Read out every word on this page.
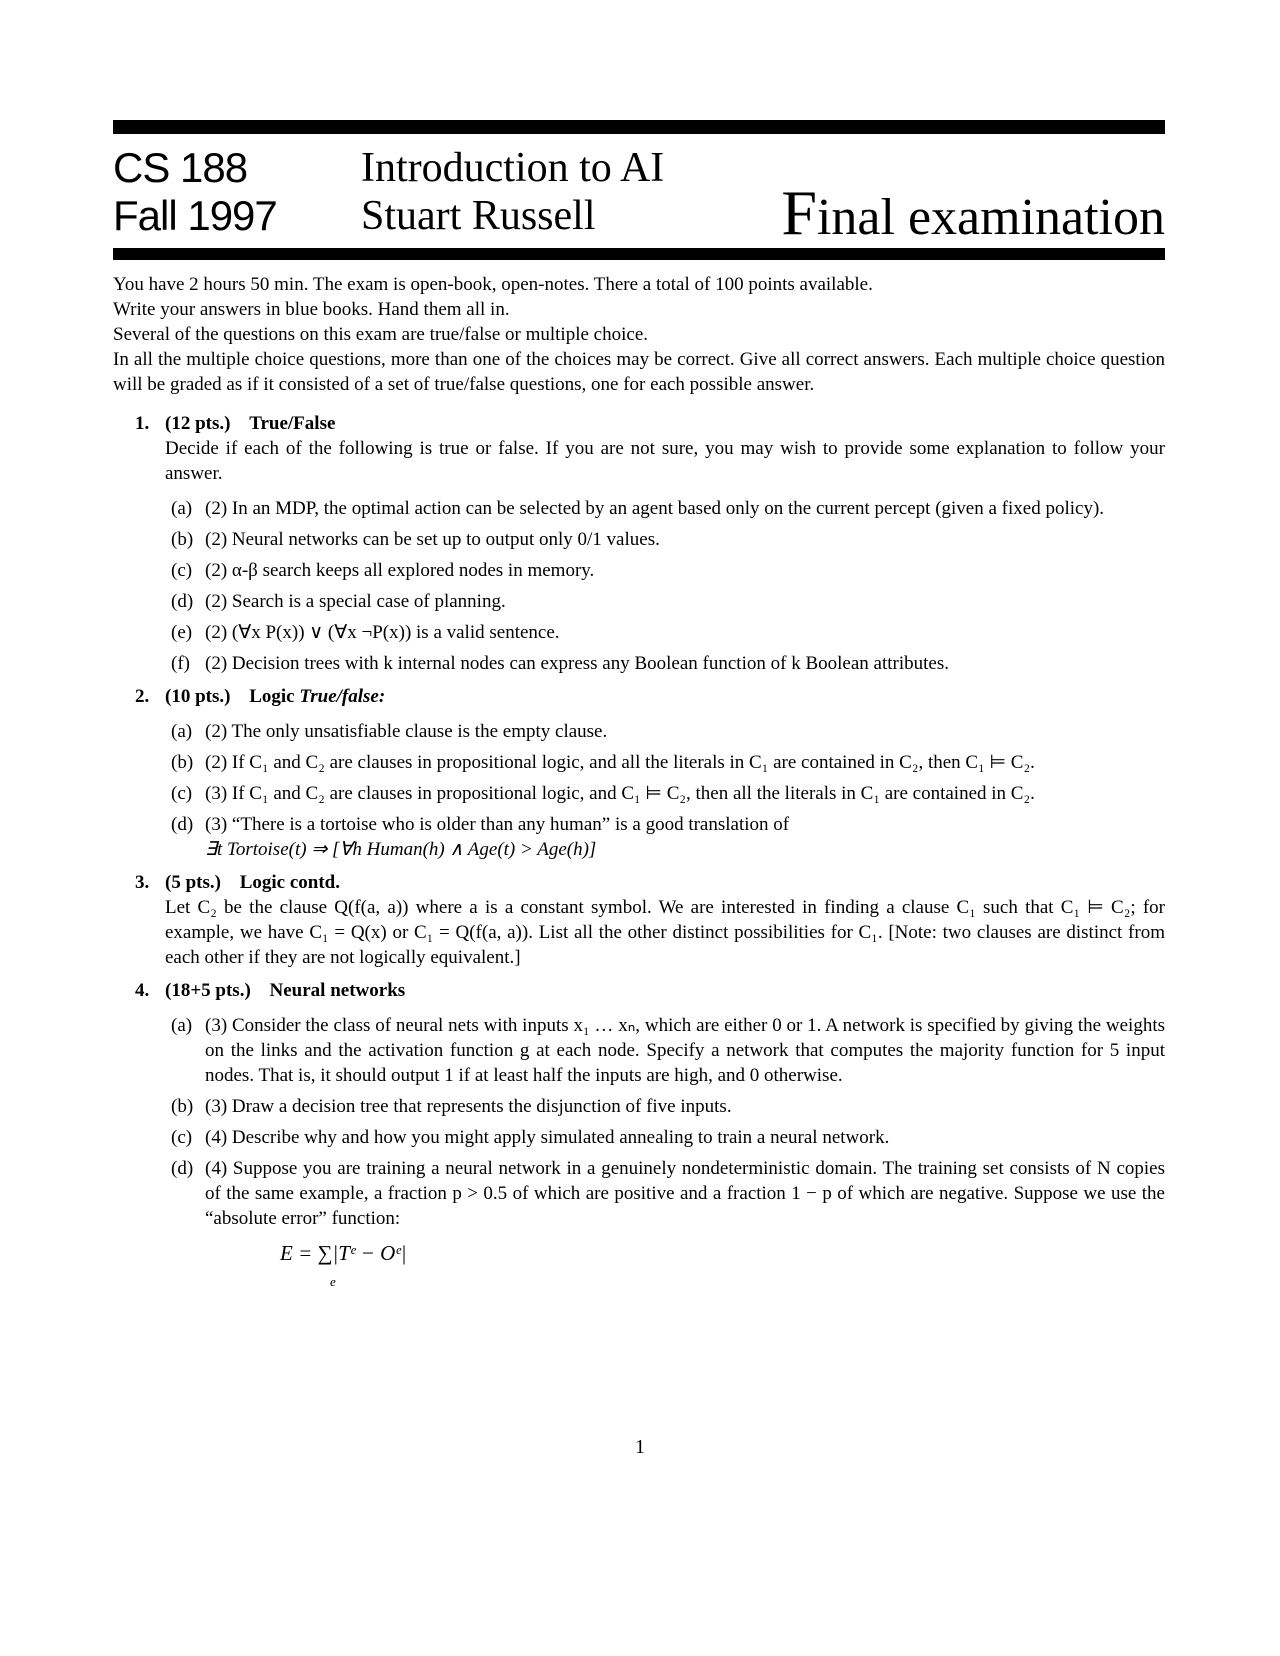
CS 188
Fall 1997
Introduction to AI
Stuart Russell	Final examination

You have 2 hours 50 min. The exam is open-book, open-notes. There a total of 100 points available.

Write your answers in blue books. Hand them all in.

Several of the questions on this exam are true/false or multiple choice.

In all the multiple choice questions, more than one of the choices may be correct. Give all correct answers. Each multiple choice question will be graded as if it consisted of a set of true/false questions, one for each possible answer.

1. (12 pts.) True/False
Decide if each of the following is true or false. If you are not sure, you may wish to provide some explanation to follow your answer.
(a) (2) In an MDP, the optimal action can be selected by an agent based only on the current percept (given a fixed policy).
(b) (2) Neural networks can be set up to output only 0/1 values.
(c) (2) α-β search keeps all explored nodes in memory.
(d) (2) Search is a special case of planning.
(e) (2) (∀x P(x)) ∨ (∀x ¬P(x)) is a valid sentence.
(f) (2) Decision trees with k internal nodes can express any Boolean function of k Boolean attributes.
2. (10 pts.) Logic True/false:
(a) (2) The only unsatisfiable clause is the empty clause.
(b) (2) If C₁ and C₂ are clauses in propositional logic, and all the literals in C₁ are contained in C₂, then C₁ ⊨ C₂.
(c) (3) If C₁ and C₂ are clauses in propositional logic, and C₁ ⊨ C₂, then all the literals in C₁ are contained in C₂.
(d) (3) “There is a tortoise who is older than any human” is a good translation of
∃t Tortoise(t) ⇒ [∀h Human(h) ∧ Age(t) > Age(h)]
3. (5 pts.) Logic contd.
Let C₂ be the clause Q(f(a, a)) where a is a constant symbol. We are interested in finding a clause C₁ such that C₁ ⊨ C₂; for example, we have C₁ = Q(x) or C₁ = Q(f(a, a)). List all the other distinct possibilities for C₁. [Note: two clauses are distinct from each other if they are not logically equivalent.]
4. (18+5 pts.) Neural networks
(a) (3) Consider the class of neural nets with inputs x₁ … xₙ, which are either 0 or 1. A network is specified by giving the weights on the links and the activation function g at each node. Specify a network that computes the majority function for 5 input nodes. That is, it should output 1 if at least half the inputs are high, and 0 otherwise.
(b) (3) Draw a decision tree that represents the disjunction of five inputs.
(c) (4) Describe why and how you might apply simulated annealing to train a neural network.
(d) (4) Suppose you are training a neural network in a genuinely nondeterministic domain. The training set consists of N copies of the same example, a fraction p > 0.5 of which are positive and a fraction 1 − p of which are negative. Suppose we use the “absolute error” function:
E = ∑|Tᵉ − Oᵉ|
e
1
